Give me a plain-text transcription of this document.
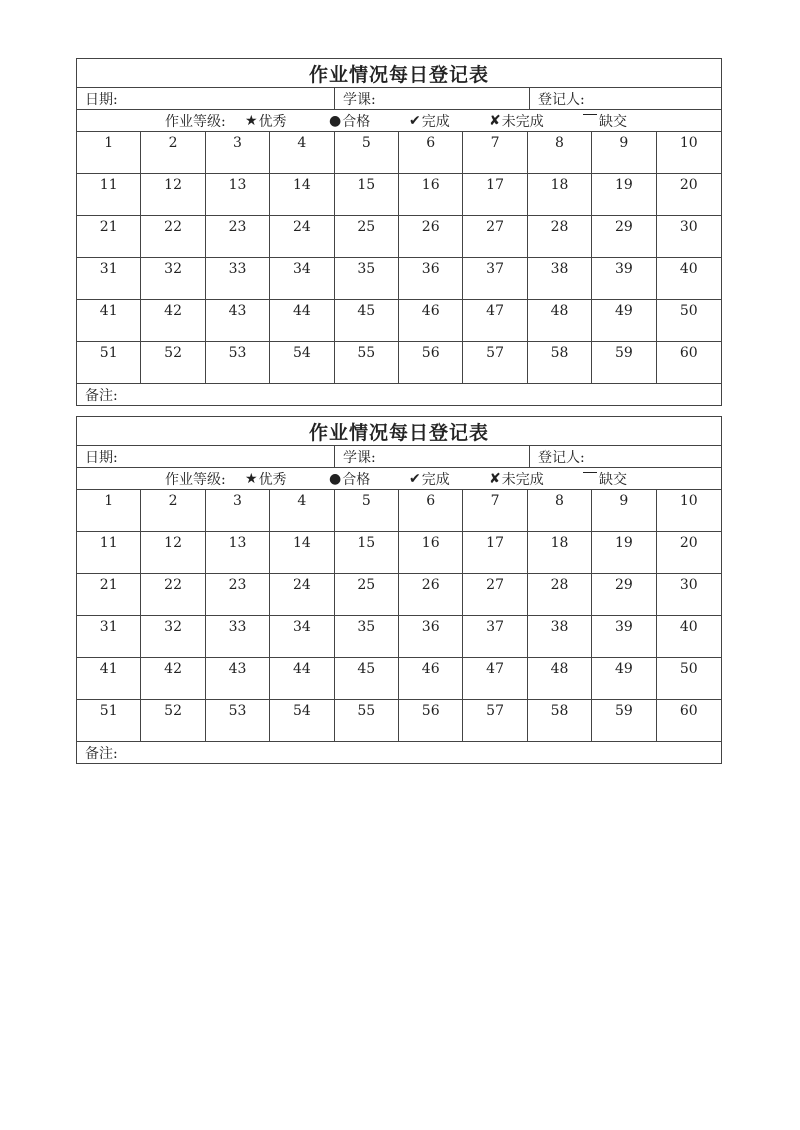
作业情况每日登记表
日期:	学课:	登记人:
作业等级: ★ 优秀	● 合格	✔ 完成	✘ 未完成	缺交
1	2	3	4	5	6	7	8	9	10
11	12	13	14	15	16	17	18	19	20
21	22	23	24	25	26	27	28	29	30
31	32	33	34	35	36	37	38	39	40
41	42	43	44	45	46	47	48	49	50
51	52	53	54	55	56	57	58	59	60
备注:
作业情况每日登记表
日期:	学课:	登记人:
作业等级: ★ 优秀	● 合格	✔ 完成	✘ 未完成	缺交
1	2	3	4	5	6	7	8	9	10
11	12	13	14	15	16	17	18	19	20
21	22	23	24	25	26	27	28	29	30
31	32	33	34	35	36	37	38	39	40
41	42	43	44	45	46	47	48	49	50
51	52	53	54	55	56	57	58	59	60
备注:
